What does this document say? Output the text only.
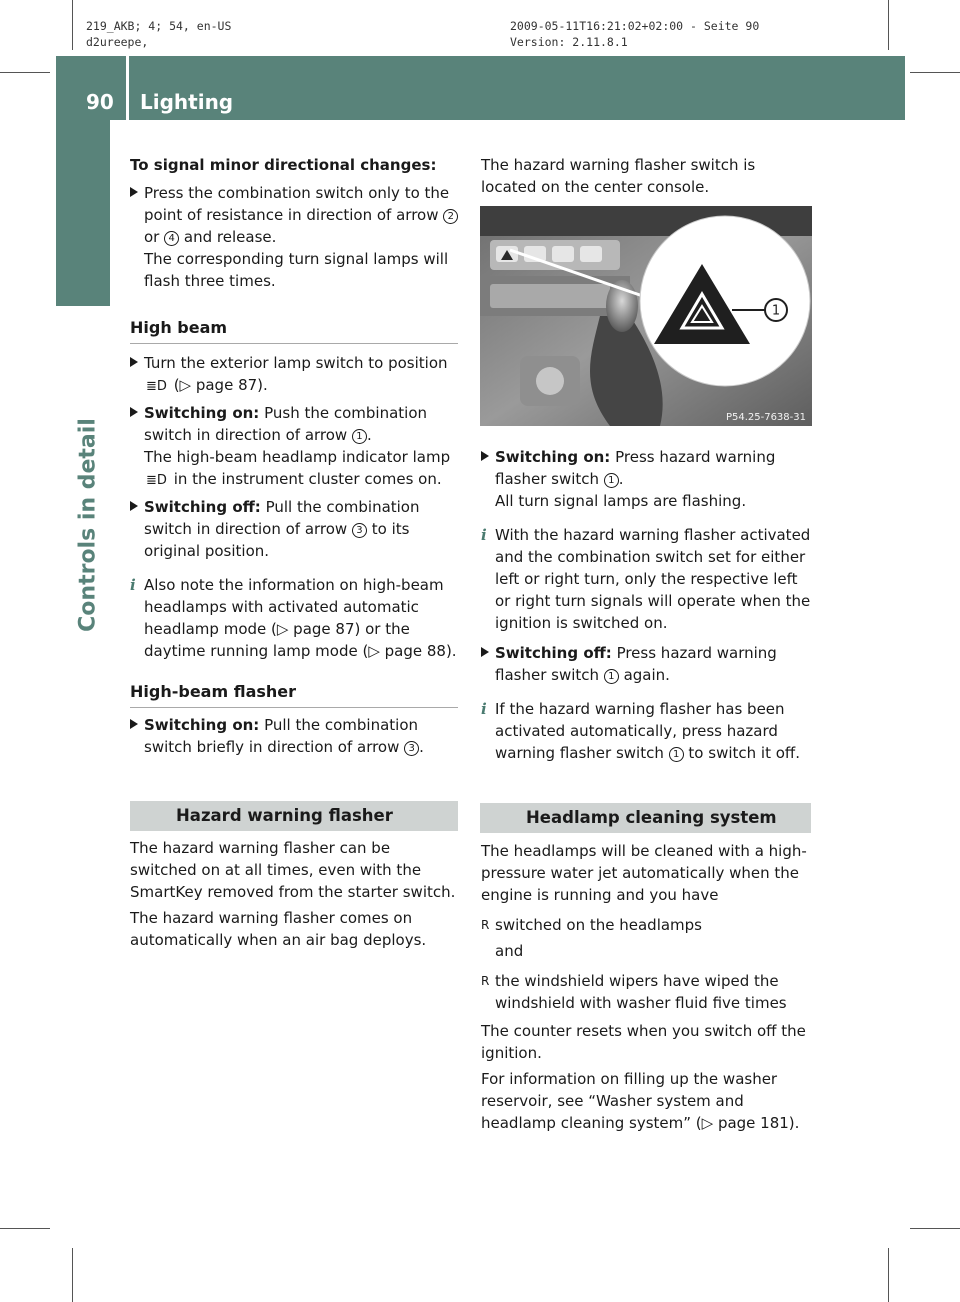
219_AKB; 4; 54, en-US
d2ureepe,
2009-05-11T16:21:02+02:00 - Seite 90
Version: 2.11.8.1
90 Lighting
Controls in detail

To signal minor directional changes:

Press the combination switch only to the point of resistance in direction of arrow 2 or 4 and release.
The corresponding turn signal lamps will flash three times.

High beam

Turn the exterior lamp switch to position
≣D (▷ page 87).

Switching on: Push the combination switch in direction of arrow 1 .
The high-beam headlamp indicator lamp ≣D in the instrument cluster comes on.

Switching off: Pull the combination switch in direction of arrow 3 to its original position.

i Also note the information on high-beam headlamps with activated automatic headlamp mode (▷ page 87) or the daytime running lamp mode (▷ page 88).

High-beam flasher

Switching on: Pull the combination switch briefly in direction of arrow 3 .

Hazard warning flasher

The hazard warning flasher can be switched on at all times, even with the SmartKey removed from the starter switch.

The hazard warning flasher comes on automatically when an air bag deploys.

The hazard warning flasher switch is located on the center console.

1
P54.25-7638-31

Switching on: Press hazard warning flasher switch 1 .
All turn signal lamps are flashing.

i With the hazard warning flasher activated and the combination switch set for either left or right turn, only the respective left or right turn signals will operate when the ignition is switched on.

Switching off: Press hazard warning flasher switch 1 again.

i If the hazard warning flasher has been activated automatically, press hazard warning flasher switch 1 to switch it off.

Headlamp cleaning system

The headlamps will be cleaned with a high-pressure water jet automatically when the engine is running and you have

R switched on the headlamps

and

R the windshield wipers have wiped the windshield with washer fluid five times

The counter resets when you switch off the ignition.

For information on filling up the washer reservoir, see “Washer system and headlamp cleaning system” (▷ page 181).
